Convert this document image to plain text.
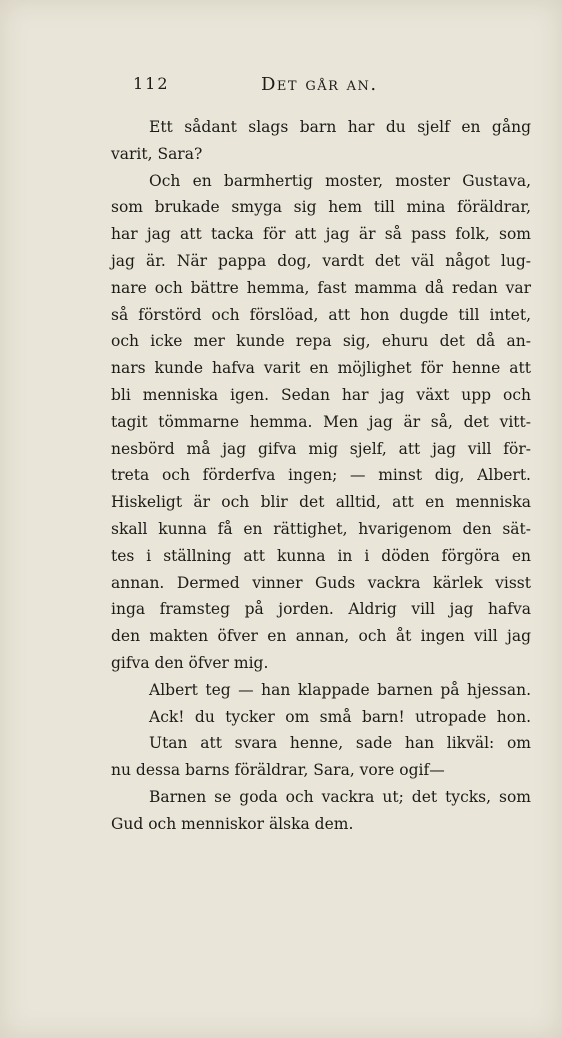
112	Det går an.
Ett sådant slags barn har du sjelf en gång
varit, Sara?
Och en barmhertig moster, moster Gustava,
som brukade smyga sig hem till mina föräldrar,
har jag att tacka för att jag är så pass folk, som
jag är. När pappa dog, vardt det väl något lug-
nare och bättre hemma, fast mamma då redan var
så förstörd och förslöad, att hon dugde till intet,
och icke mer kunde repa sig, ehuru det då an-
nars kunde hafva varit en möjlighet för henne att
bli menniska igen. Sedan har jag växt upp och
tagit tömmarne hemma. Men jag är så, det vitt-
nesbörd må jag gifva mig sjelf, att jag vill för-
treta och förderfva ingen; — minst dig, Albert.
Hiskeligt är och blir det alltid, att en menniska
skall kunna få en rättighet, hvarigenom den sät-
tes i ställning att kunna in i döden förgöra en
annan. Dermed vinner Guds vackra kärlek visst
inga framsteg på jorden. Aldrig vill jag hafva
den makten öfver en annan, och åt ingen vill jag
gifva den öfver mig.
Albert teg — han klappade barnen på hjessan.
Ack! du tycker om små barn! utropade hon.
Utan att svara henne, sade han likväl: om
nu dessa barns föräldrar, Sara, vore ogif—
Barnen se goda och vackra ut; det tycks, som
Gud och menniskor älska dem.
